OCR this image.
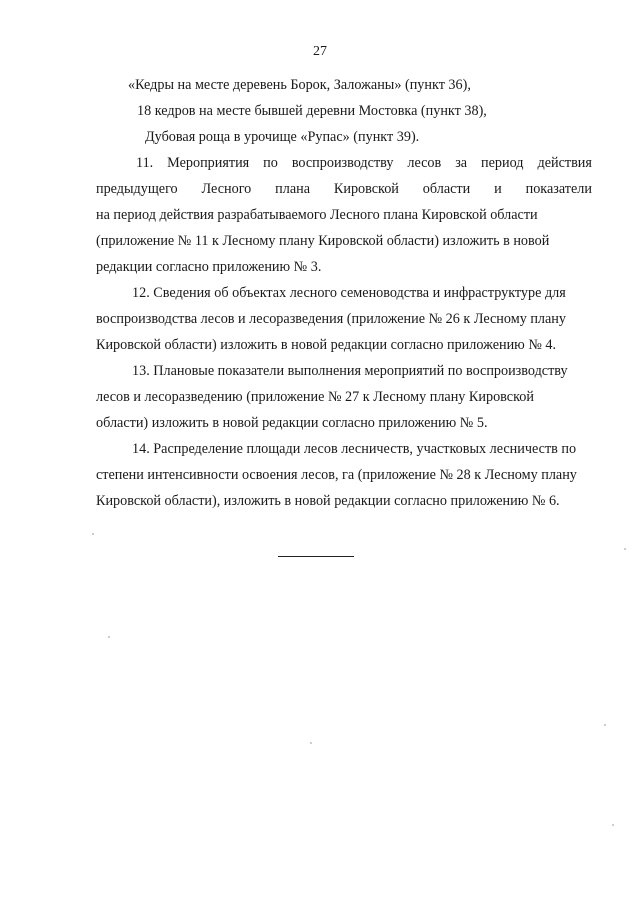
27
«Кедры на месте деревень Борок, Заложаны» (пункт 36),
18 кедров на месте бывшей деревни Мостовка (пункт 38),
Дубовая роща в урочище «Рупас» (пункт 39).
11. Мероприятия по воспроизводству лесов за период действия
предыдущего Лесного плана Кировской области и показатели
на период действия разрабатываемого Лесного плана Кировской области
(приложение № 11 к Лесному плану Кировской области) изложить в новой
редакции согласно приложению № 3.
12. Сведения об объектах лесного семеноводства и инфраструктуре для
воспроизводства лесов и лесоразведения (приложение № 26 к Лесному плану
Кировской области) изложить в новой редакции согласно приложению № 4.
13. Плановые показатели выполнения мероприятий по воспроизводству
лесов и лесоразведению (приложение № 27 к Лесному плану Кировской
области) изложить в новой редакции согласно приложению № 5.
14. Распределение площади лесов лесничеств, участковых лесничеств по
степени интенсивности освоения лесов, га (приложение № 28 к Лесному плану
Кировской области), изложить в новой редакции согласно приложению № 6.
